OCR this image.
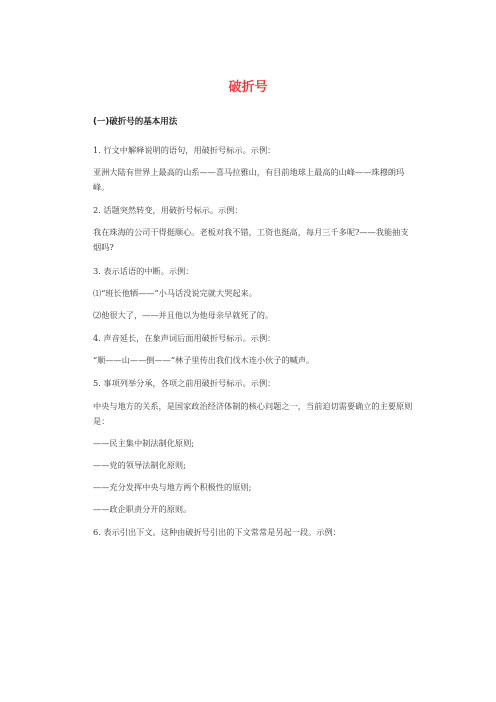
破折号
(一)破折号的基本用法
1. 行文中解释说明的语句，用破折号标示。示例：
亚洲大陆有世界上最高的山系——喜马拉雅山，有目前地球上最高的山峰——珠穆朗玛峰。
2. 话题突然转变，用破折号标示。示例：
我在珠海的公司干得挺顺心。老板对我不错，工资也挺高，每月三千多呢?——我能抽支烟吗?
3. 表示话语的中断。示例：
⑴“班长他牺——”小马话没说完就大哭起来。
⑵他很大了，——并且他以为他母亲早就死了的。
4. 声音延长，在象声词后面用破折号标示。示例：
“顺——山——倒——”林子里传出我们伐木连小伙子的喊声。
5. 事项列举分承，各项之前用破折号标示。示例：
中央与地方的关系，是国家政治经济体制的核心问题之一，当前迫切需要确立的主要原则是：
——民主集中制法制化原则;
——党的领导法制化原则;
——充分发挥中央与地方两个积极性的原则;
——政企职责分开的原则。
6. 表示引出下文。这种由破折号引出的下文常常是另起一段。示例：
